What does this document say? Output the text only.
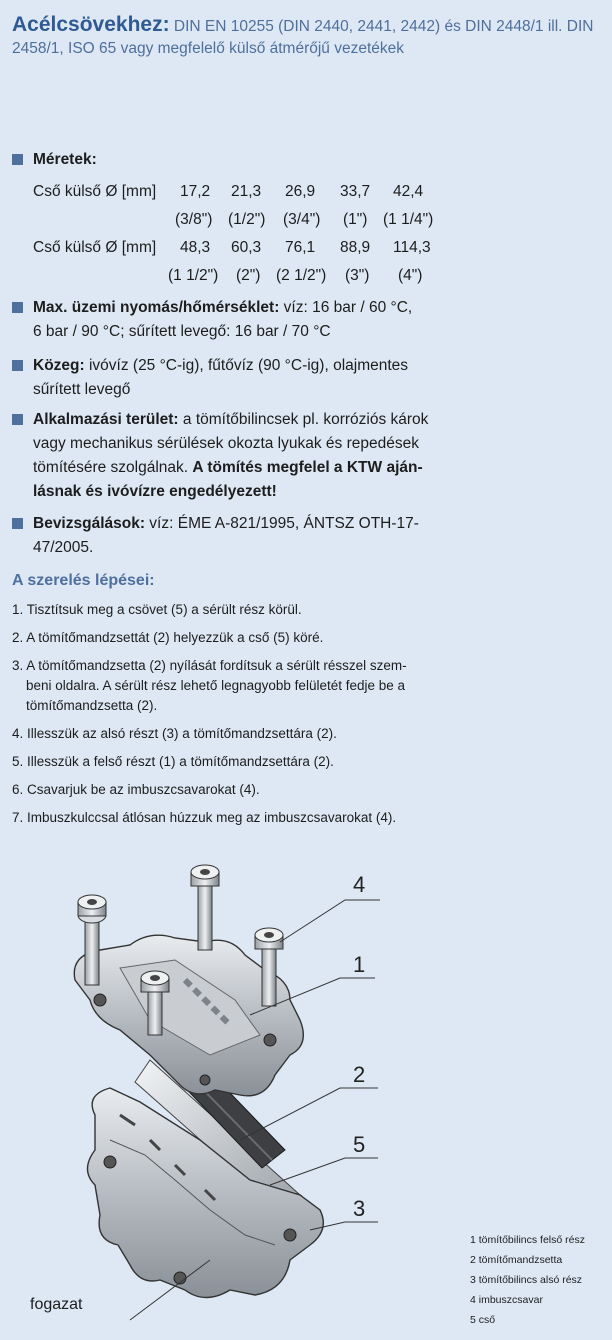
Acélcsövekhez: DIN EN 10255 (DIN 2440, 2441, 2442) és DIN 2448/1 ill. DIN 2458/1, ISO 65 vagy megfelelő külső átmérőjű vezetékek
Méretek:
Cső külső Ø [mm] 17,2 21,3 26,9 33,7 42,4
(3/8") (1/2") (3/4") (1") (1 1/4")
Cső külső Ø [mm] 48,3 60,3 76,1 88,9 114,3
(1 1/2") (2") (2 1/2") (3") (4")
Max. üzemi nyomás/hőmérséklet: víz: 16 bar / 60 °C,

6 bar / 90 °C; sűrített levegő: 16 bar / 70 °C
Közeg: ivóvíz (25 °C-ig), fűtővíz (90 °C-ig), olajmentes

sűrített levegő
Alkalmazási terület: a tömítőbilincsek pl. korróziós károk
vagy mechanikus sérülések okozta lyukak és repedések
tömítésére szolgálnak. A tömítés megfelel a KTW aján-
lásnak és ivóvízre engedélyezett!
Bevizsgálások: víz: ÉME A-821/1995, ÁNTSZ OTH-17-
47/2005.
A szerelés lépései:
1. Tisztítsuk meg a csövet (5) a sérült rész körül.
2. A tömítőmandzsettát (2) helyezzük a cső (5) köré.
3. A tömítőmandzsetta (2) nyílását fordítsuk a sérült résszel szem-
beni oldalra. A sérült rész lehető legnagyobb felületét fedje be a
tömítőmandzsetta (2).
4. Illesszük az alsó részt (3) a tömítőmandzsettára (2).
5. Illesszük a felső részt (1) a tömítőmandzsettára (2).
6. Csavarjuk be az imbuszcsavarokat (4).
7. Imbuszkulccsal átlósan húzzuk meg az imbuszcsavarokat (4).
4
1
2
5
3
fogazat
1 tömítőbilincs felső rész
2 tömítőmandzsetta
3 tömítőbilincs alsó rész
4 imbuszcsavar
5 cső
